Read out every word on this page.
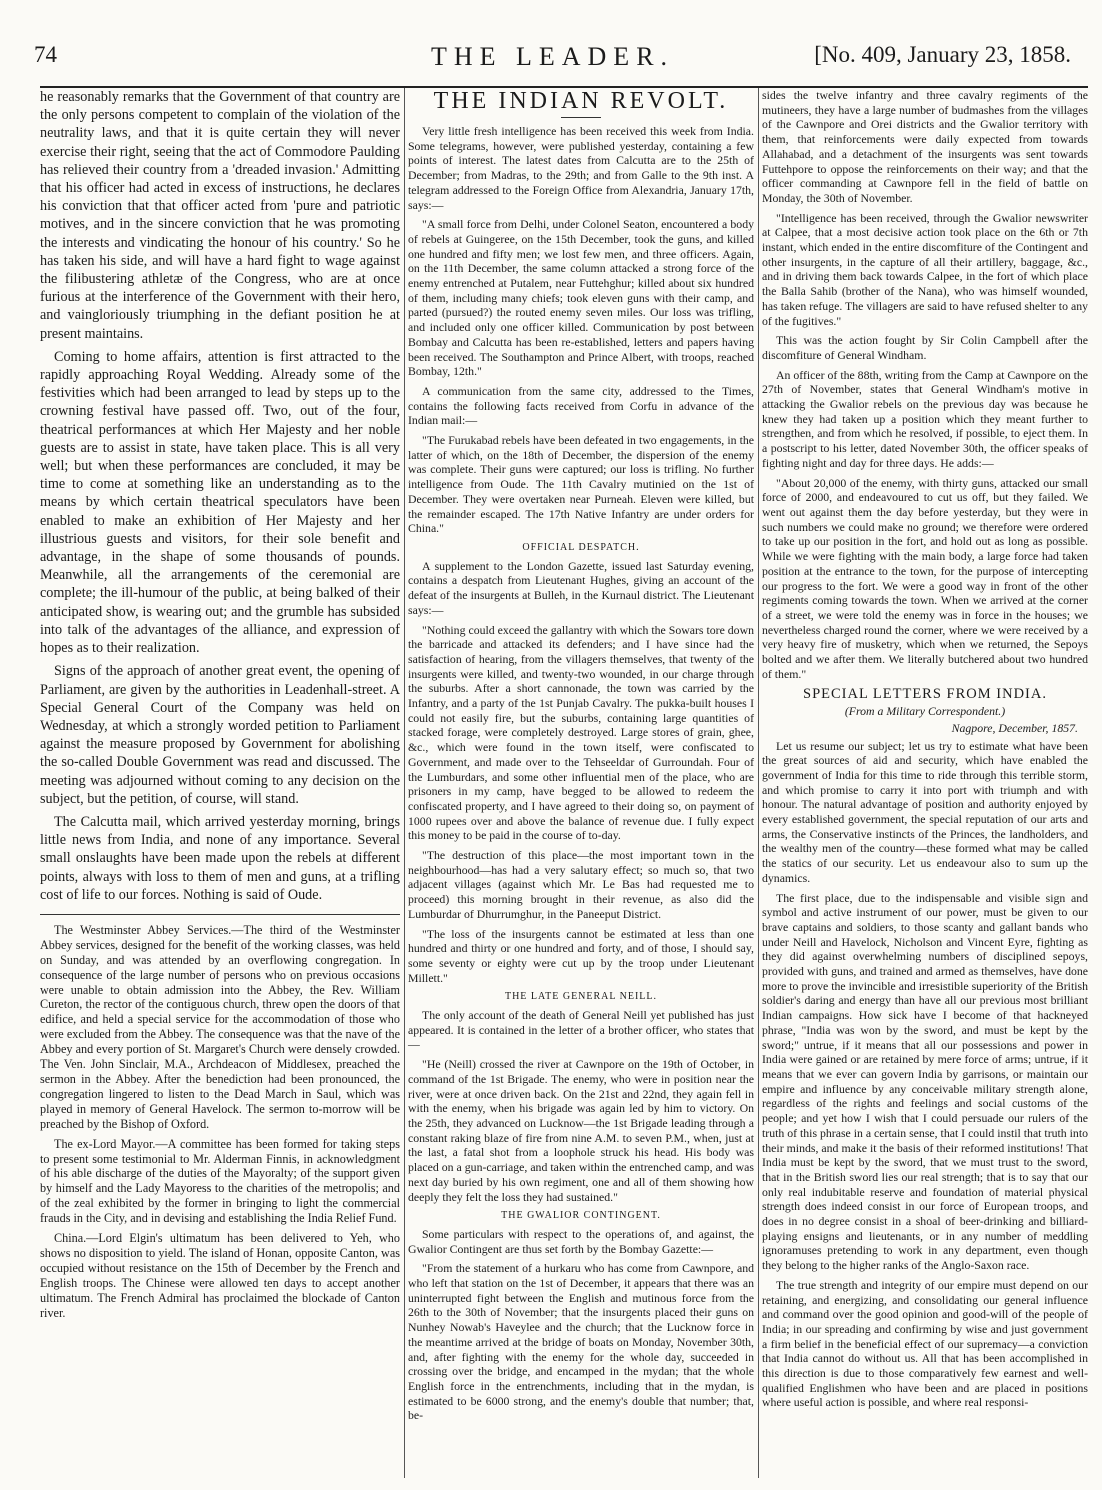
74	THE LEADER.	[No. 409, January 23, 1858.

he reasonably remarks that the Government of that country are the only persons competent to complain of the violation of the neutrality laws, and that it is quite certain they will never exercise their right, seeing that the act of Commodore Paulding has relieved their country from a 'dreaded invasion.' Admitting that his officer had acted in excess of instructions, he declares his conviction that that officer acted from 'pure and patriotic motives, and in the sincere conviction that he was promoting the interests and vindicating the honour of his country.' So he has taken his side, and will have a hard fight to wage against the filibustering athletæ of the Congress, who are at once furious at the interference of the Government with their hero, and vaingloriously triumphing in the defiant position he at present maintains.

Coming to home affairs, attention is first attracted to the rapidly approaching Royal Wedding. Already some of the festivities which had been arranged to lead by steps up to the crowning festival have passed off. Two, out of the four, theatrical performances at which Her Majesty and her noble guests are to assist in state, have taken place. This is all very well; but when these performances are concluded, it may be time to come at something like an understanding as to the means by which certain theatrical speculators have been enabled to make an exhibition of Her Majesty and her illustrious guests and visitors, for their sole benefit and advantage, in the shape of some thousands of pounds. Meanwhile, all the arrangements of the ceremonial are complete; the ill-humour of the public, at being balked of their anticipated show, is wearing out; and the grumble has subsided into talk of the advantages of the alliance, and expression of hopes as to their realization.

Signs of the approach of another great event, the opening of Parliament, are given by the authorities in Leadenhall-street. A Special General Court of the Company was held on Wednesday, at which a strongly worded petition to Parliament against the measure proposed by Government for abolishing the so-called Double Government was read and discussed. The meeting was adjourned without coming to any decision on the subject, but the petition, of course, will stand.

The Calcutta mail, which arrived yesterday morning, brings little news from India, and none of any importance. Several small onslaughts have been made upon the rebels at different points, always with loss to them of men and guns, at a trifling cost of life to our forces. Nothing is said of Oude.

The Westminster Abbey Services.—The third of the Westminster Abbey services, designed for the benefit of the working classes, was held on Sunday, and was attended by an overflowing congregation. In consequence of the large number of persons who on previous occasions were unable to obtain admission into the Abbey, the Rev. William Cureton, the rector of the contiguous church, threw open the doors of that edifice, and held a special service for the accommodation of those who were excluded from the Abbey. The consequence was that the nave of the Abbey and every portion of St. Margaret's Church were densely crowded. The Ven. John Sinclair, M.A., Archdeacon of Middlesex, preached the sermon in the Abbey. After the benediction had been pronounced, the congregation lingered to listen to the Dead March in Saul, which was played in memory of General Havelock. The sermon to-morrow will be preached by the Bishop of Oxford.

The ex-Lord Mayor.—A committee has been formed for taking steps to present some testimonial to Mr. Alderman Finnis, in acknowledgment of his able discharge of the duties of the Mayoralty; of the support given by himself and the Lady Mayoress to the charities of the metropolis; and of the zeal exhibited by the former in bringing to light the commercial frauds in the City, and in devising and establishing the India Relief Fund.

China.—Lord Elgin's ultimatum has been delivered to Yeh, who shows no disposition to yield. The island of Honan, opposite Canton, was occupied without resistance on the 15th of December by the French and English troops. The Chinese were allowed ten days to accept another ultimatum. The French Admiral has proclaimed the blockade of Canton river.

THE INDIAN REVOLT.

Very little fresh intelligence has been received this week from India. Some telegrams, however, were published yesterday, containing a few points of interest. The latest dates from Calcutta are to the 25th of December; from Madras, to the 29th; and from Galle to the 9th inst. A telegram addressed to the Foreign Office from Alexandria, January 17th, says:—

"A small force from Delhi, under Colonel Seaton, encountered a body of rebels at Guingeree, on the 15th December, took the guns, and killed one hundred and fifty men; we lost few men, and three officers. Again, on the 11th December, the same column attacked a strong force of the enemy entrenched at Putalem, near Futtehghur; killed about six hundred of them, including many chiefs; took eleven guns with their camp, and parted (pursued?) the routed enemy seven miles. Our loss was trifling, and included only one officer killed. Communication by post between Bombay and Calcutta has been re-established, letters and papers having been received. The Southampton and Prince Albert, with troops, reached Bombay, 12th."

A communication from the same city, addressed to the Times, contains the following facts received from Corfu in advance of the Indian mail:—

"The Furukabad rebels have been defeated in two engagements, in the latter of which, on the 18th of December, the dispersion of the enemy was complete. Their guns were captured; our loss is trifling. No further intelligence from Oude. The 11th Cavalry mutinied on the 1st of December. They were overtaken near Purneah. Eleven were killed, but the remainder escaped. The 17th Native Infantry are under orders for China."

OFFICIAL DESPATCH.

A supplement to the London Gazette, issued last Saturday evening, contains a despatch from Lieutenant Hughes, giving an account of the defeat of the insurgents at Bulleh, in the Kurnaul district. The Lieutenant says:—

"Nothing could exceed the gallantry with which the Sowars tore down the barricade and attacked its defenders; and I have since had the satisfaction of hearing, from the villagers themselves, that twenty of the insurgents were killed, and twenty-two wounded, in our charge through the suburbs. After a short cannonade, the town was carried by the Infantry, and a party of the 1st Punjab Cavalry. The pukka-built houses I could not easily fire, but the suburbs, containing large quantities of stacked forage, were completely destroyed. Large stores of grain, ghee, &c., which were found in the town itself, were confiscated to Government, and made over to the Tehseeldar of Gurroundah. Four of the Lumburdars, and some other influential men of the place, who are prisoners in my camp, have begged to be allowed to redeem the confiscated property, and I have agreed to their doing so, on payment of 1000 rupees over and above the balance of revenue due. I fully expect this money to be paid in the course of to-day.

"The destruction of this place—the most important town in the neighbourhood—has had a very salutary effect; so much so, that two adjacent villages (against which Mr. Le Bas had requested me to proceed) this morning brought in their revenue, as also did the Lumburdar of Dhurrumghur, in the Paneeput District.

"The loss of the insurgents cannot be estimated at less than one hundred and thirty or one hundred and forty, and of those, I should say, some seventy or eighty were cut up by the troop under Lieutenant Millett."

THE LATE GENERAL NEILL.

The only account of the death of General Neill yet published has just appeared. It is contained in the letter of a brother officer, who states that—

"He (Neill) crossed the river at Cawnpore on the 19th of October, in command of the 1st Brigade. The enemy, who were in position near the river, were at once driven back. On the 21st and 22nd, they again fell in with the enemy, when his brigade was again led by him to victory. On the 25th, they advanced on Lucknow—the 1st Brigade leading through a constant raking blaze of fire from nine A.M. to seven P.M., when, just at the last, a fatal shot from a loophole struck his head. His body was placed on a gun-carriage, and taken within the entrenched camp, and was next day buried by his own regiment, one and all of them showing how deeply they felt the loss they had sustained."

THE GWALIOR CONTINGENT.

Some particulars with respect to the operations of, and against, the Gwalior Contingent are thus set forth by the Bombay Gazette:—

"From the statement of a hurkaru who has come from Cawnpore, and who left that station on the 1st of December, it appears that there was an uninterrupted fight between the English and mutinous force from the 26th to the 30th of November; that the insurgents placed their guns on Nunhey Nowab's Haveylee and the church; that the Lucknow force in the meantime arrived at the bridge of boats on Monday, November 30th, and, after fighting with the enemy for the whole day, succeeded in crossing over the bridge, and encamped in the mydan; that the whole English force in the entrenchments, including that in the mydan, is estimated to be 6000 strong, and the enemy's double that number; that, be-

sides the twelve infantry and three cavalry regiments of the mutineers, they have a large number of budmashes from the villages of the Cawnpore and Orei districts and the Gwalior territory with them, that reinforcements were daily expected from towards Allahabad, and a detachment of the insurgents was sent towards Futtehpore to oppose the reinforcements on their way; and that the officer commanding at Cawnpore fell in the field of battle on Monday, the 30th of November.

"Intelligence has been received, through the Gwalior newswriter at Calpee, that a most decisive action took place on the 6th or 7th instant, which ended in the entire discomfiture of the Contingent and other insurgents, in the capture of all their artillery, baggage, &c., and in driving them back towards Calpee, in the fort of which place the Balla Sahib (brother of the Nana), who was himself wounded, has taken refuge. The villagers are said to have refused shelter to any of the fugitives."

This was the action fought by Sir Colin Campbell after the discomfiture of General Windham.

An officer of the 88th, writing from the Camp at Cawnpore on the 27th of November, states that General Windham's motive in attacking the Gwalior rebels on the previous day was because he knew they had taken up a position which they meant further to strengthen, and from which he resolved, if possible, to eject them. In a postscript to his letter, dated November 30th, the officer speaks of fighting night and day for three days. He adds:—

"About 20,000 of the enemy, with thirty guns, attacked our small force of 2000, and endeavoured to cut us off, but they failed. We went out against them the day before yesterday, but they were in such numbers we could make no ground; we therefore were ordered to take up our position in the fort, and hold out as long as possible. While we were fighting with the main body, a large force had taken position at the entrance to the town, for the purpose of intercepting our progress to the fort. We were a good way in front of the other regiments coming towards the town. When we arrived at the corner of a street, we were told the enemy was in force in the houses; we nevertheless charged round the corner, where we were received by a very heavy fire of musketry, which when we returned, the Sepoys bolted and we after them. We literally butchered about two hundred of them."

SPECIAL LETTERS FROM INDIA.
(From a Military Correspondent.)
Nagpore, December, 1857.

Let us resume our subject; let us try to estimate what have been the great sources of aid and security, which have enabled the government of India for this time to ride through this terrible storm, and which promise to carry it into port with triumph and with honour. The natural advantage of position and authority enjoyed by every established government, the special reputation of our arts and arms, the Conservative instincts of the Princes, the landholders, and the wealthy men of the country—these formed what may be called the statics of our security. Let us endeavour also to sum up the dynamics.

The first place, due to the indispensable and visible sign and symbol and active instrument of our power, must be given to our brave captains and soldiers, to those scanty and gallant bands who under Neill and Havelock, Nicholson and Vincent Eyre, fighting as they did against overwhelming numbers of disciplined sepoys, provided with guns, and trained and armed as themselves, have done more to prove the invincible and irresistible superiority of the British soldier's daring and energy than have all our previous most brilliant Indian campaigns. How sick have I become of that hackneyed phrase, "India was won by the sword, and must be kept by the sword;" untrue, if it means that all our possessions and power in India were gained or are retained by mere force of arms; untrue, if it means that we ever can govern India by garrisons, or maintain our empire and influence by any conceivable military strength alone, regardless of the rights and feelings and social customs of the people; and yet how I wish that I could persuade our rulers of the truth of this phrase in a certain sense, that I could instil that truth into their minds, and make it the basis of their reformed institutions! That India must be kept by the sword, that we must trust to the sword, that in the British sword lies our real strength; that is to say that our only real indubitable reserve and foundation of material physical strength does indeed consist in our force of European troops, and does in no degree consist in a shoal of beer-drinking and billiard-playing ensigns and lieutenants, or in any number of meddling ignoramuses pretending to work in any department, even though they belong to the higher ranks of the Anglo-Saxon race.

The true strength and integrity of our empire must depend on our retaining, and energizing, and consolidating our general influence and command over the good opinion and good-will of the people of India; in our spreading and confirming by wise and just government a firm belief in the beneficial effect of our supremacy—a conviction that India cannot do without us. All that has been accomplished in this direction is due to those comparatively few earnest and well-qualified Englishmen who have been and are placed in positions where useful action is possible, and where real responsi-
